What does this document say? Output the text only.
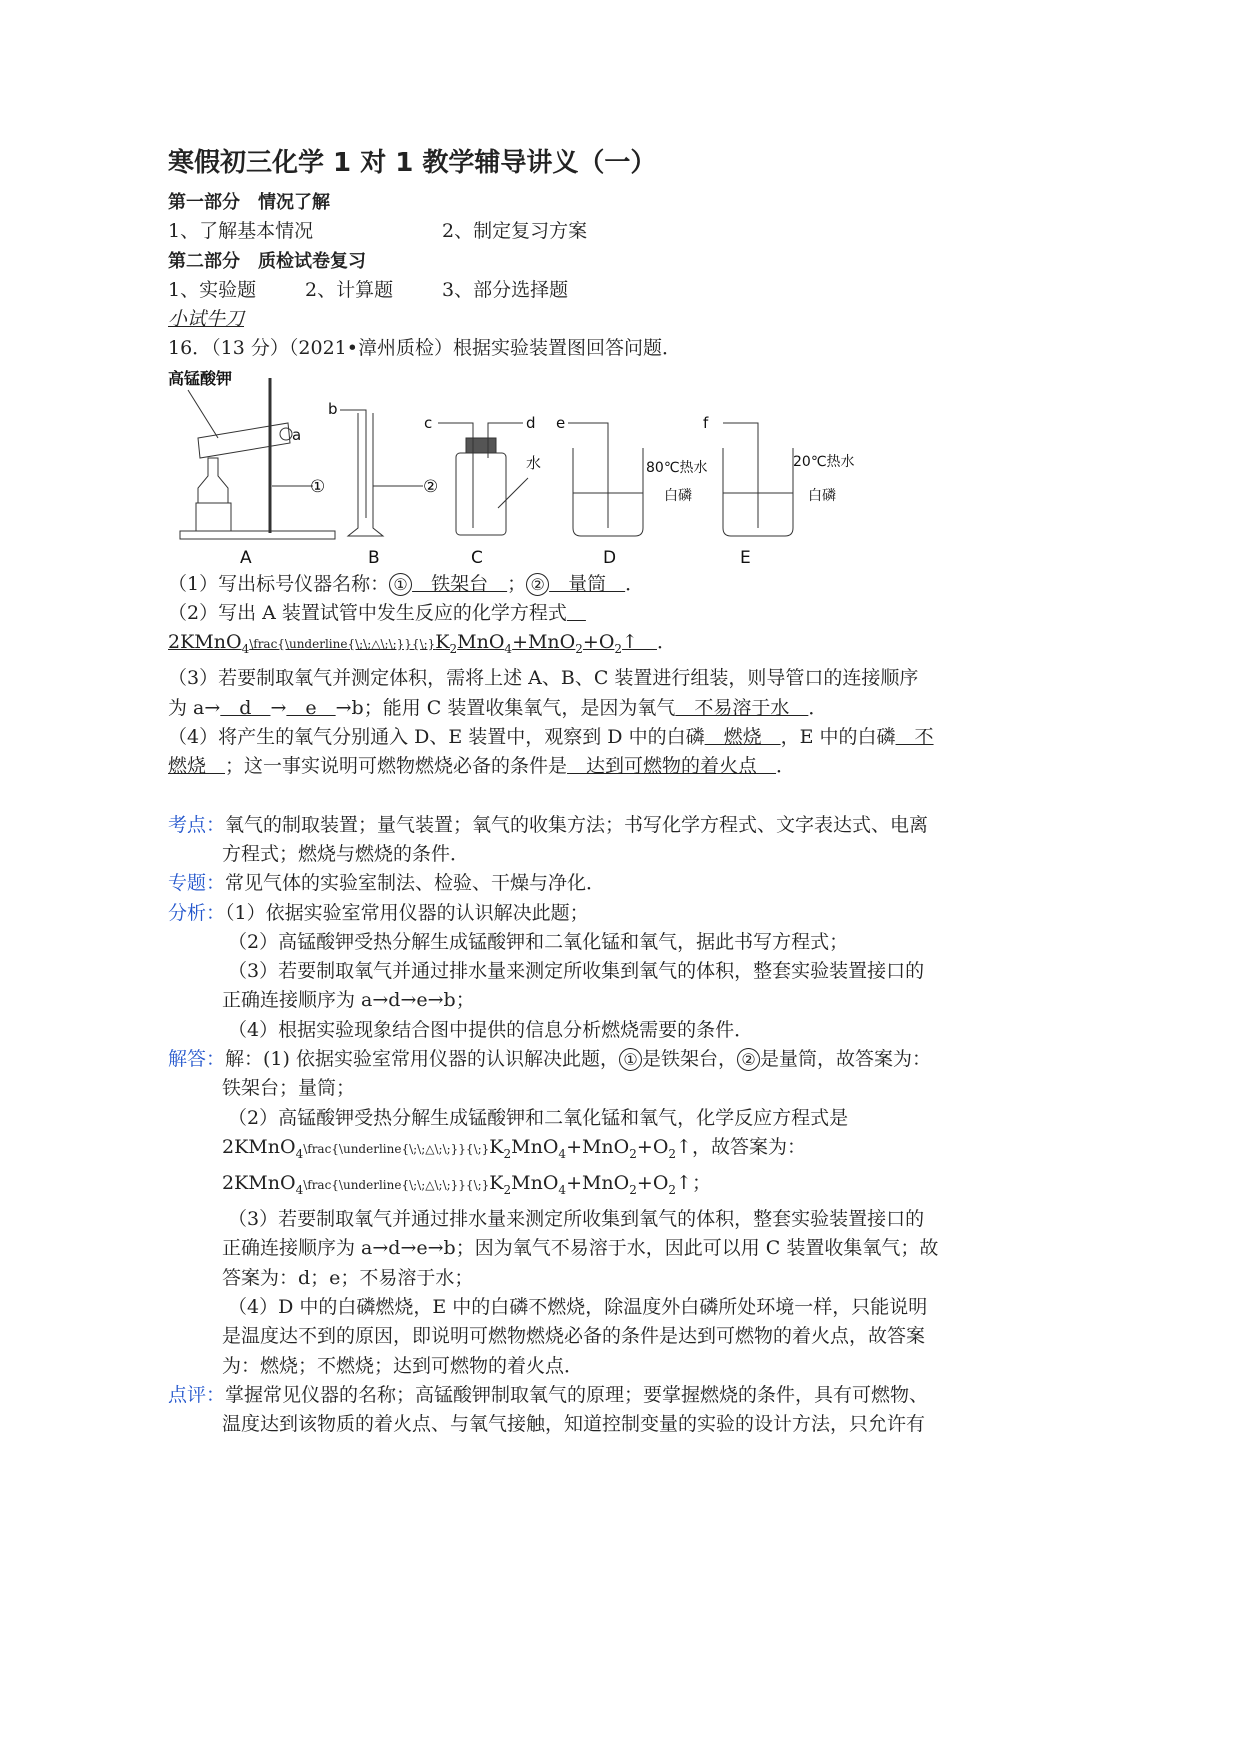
寒假初三化学 1 对 1 教学辅导讲义（一）
第一部分　情况了解
1、了解基本情况	2、制定复习方案
第二部分　质检试卷复习
1、实验题	2、计算题	3、部分选择题
小试牛刀
16．（13 分）（2021•漳州质检）根据实验装置图回答问题．
高锰酸钾
①
a
②
b
c	d
水
e
80℃热水
白磷
f
20℃热水
白磷
A	B	C	D	E
（1）写出标号仪器名称： ①　铁架台　； ②　量筒　．
（2）写出 A 装置试管中发生反应的化学方程式　
$2KMnO_4\backslash frac\{\backslash underline\{\backslash;\backslash;\triangle\backslash;\backslash;\}\}\{\backslash;\}K_2MnO_4+MnO_2+O_2↑$　．
（3）若要制取氧气并测定体积，需将上述 A、B、C 装置进行组装，则导管口的连接顺序
为 a→　d　→　e　→b；能用 C 装置收集氧气，是因为氧气　不易溶于水　．
（4）将产生的氧气分别通入 D、E 装置中，观察到 D 中的白磷　燃烧　，E 中的白磷　不燃烧　；这一事实说明可燃物燃烧必备的条件是　达到可燃物的着火点　．
考点：氧气的制取装置；量气装置；氧气的收集方法；书写化学方程式、文字表达式、电离方程式；燃烧与燃烧的条件．
专题：常见气体的实验室制法、检验、干燥与净化．
分析：（1）依据实验室常用仪器的认识解决此题；
（2）高锰酸钾受热分解生成锰酸钾和二氧化锰和氧气，据此书写方程式；
（3）若要制取氧气并通过排水量来测定所收集到氧气的体积，整套实验装置接口的正确连接顺序为 a→d→e→b；
（4）根据实验现象结合图中提供的信息分析燃烧需要的条件．
解答：解：(1) 依据实验室常用仪器的认识解决此题， ① 是铁架台， ② 是量筒，故答案为：铁架台；量筒；
（2）高锰酸钾受热分解生成锰酸钾和二氧化锰和氧气，化学反应方程式是
$2KMnO_4\backslash frac\{\backslash underline\{\backslash;\backslash;\triangle\backslash;\backslash;\}\}\{\backslash;\}K_2MnO_4+MnO_2+O_2↑$，故答案为：
$2KMnO_4\backslash frac\{\backslash underline\{\backslash;\backslash;\triangle\backslash;\backslash;\}\}\{\backslash;\}K_2MnO_4+MnO_2+O_2↑$；
（3）若要制取氧气并通过排水量来测定所收集到氧气的体积，整套实验装置接口的正确连接顺序为 a→d→e→b；因为氧气不易溶于水，因此可以用 C 装置收集氧气；故答案为：d；e；不易溶于水；
（4）D 中的白磷燃烧，E 中的白磷不燃烧，除温度外白磷所处环境一样，只能说明是温度达不到的原因，即说明可燃物燃烧必备的条件是达到可燃物的着火点，故答案为：燃烧；不燃烧；达到可燃物的着火点．
点评：掌握常见仪器的名称；高锰酸钾制取氧气的原理；要掌握燃烧的条件，具有可燃物、温度达到该物质的着火点、与氧气接触，知道控制变量的实验的设计方法，只允许有
